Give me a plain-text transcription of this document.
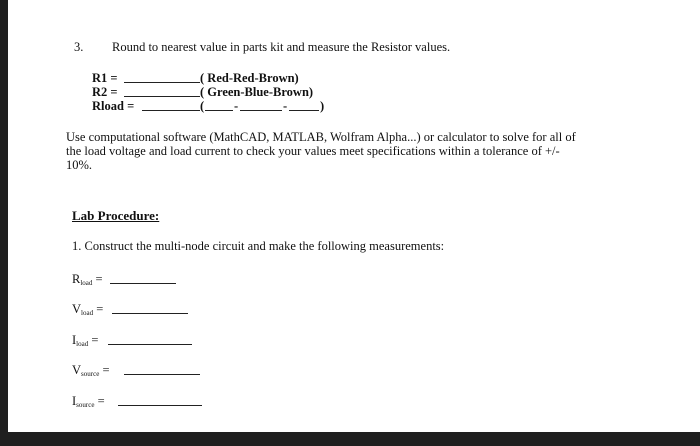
3. Round to nearest value in parts kit and measure the Resistor values.
R1 =	( Red-Red-Brown)
R2 =	( Green-Blue-Brown)
Rload =	( -	-	)
Use computational software (MathCAD, MATLAB, Wolfram Alpha...) or calculator to solve for all of the load voltage and load current to check your values meet specifications within a tolerance of +/- 10%.
Lab Procedure:
1. Construct the multi-node circuit and make the following measurements:
$R_{load}$ =
$V_{load}$ =
$I_{load}$ =
$V_{source}$ =
$I_{source}$ =
